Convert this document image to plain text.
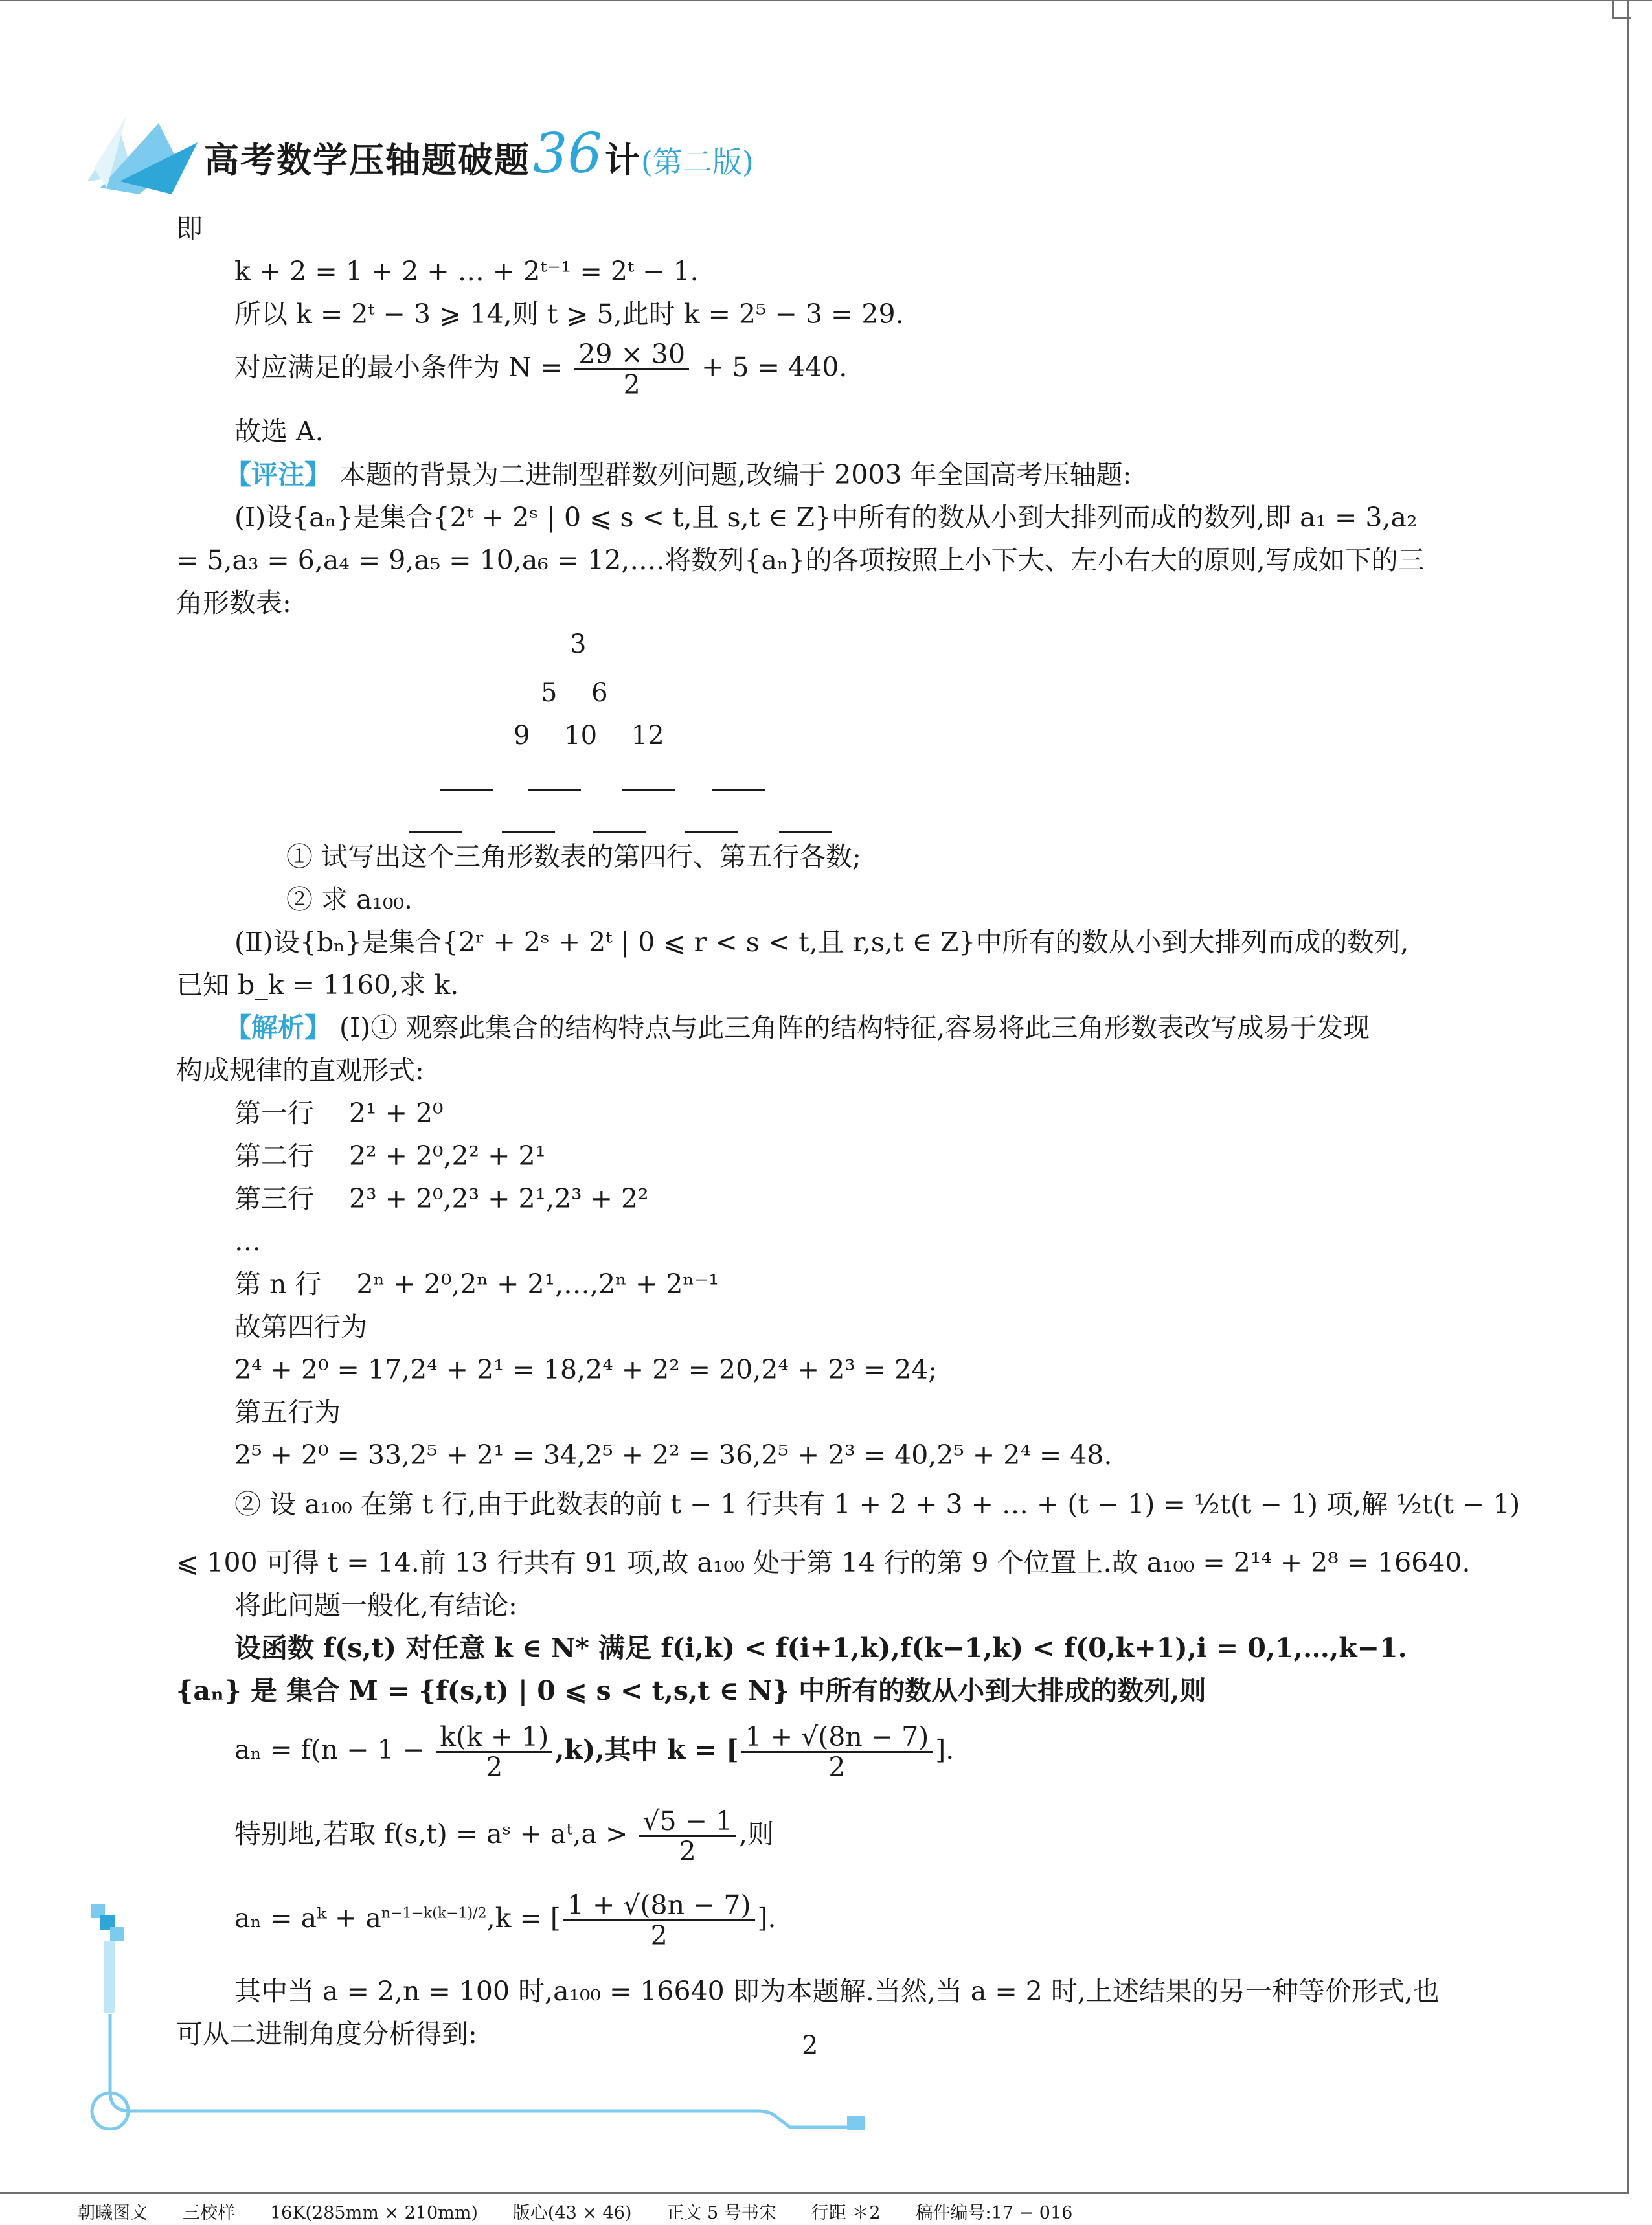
高考数学压轴题破题36计(第二版)
即
k + 2 = 1 + 2 + … + 2ᵗ⁻¹ = 2ᵗ − 1.
所以 k = 2ᵗ − 3 ⩾ 14,则 t ⩾ 5,此时 k = 2⁵ − 3 = 29.
对应满足的最小条件为 $N = \frac{29 \times 30}{2} + 5 = 440$.
故选 A.
【评注】 本题的背景为二进制型群数列问题,改编于 2003 年全国高考压轴题:
(Ⅰ)设{aₙ}是集合{2ᵗ + 2ˢ | 0 ⩽ s < t,且 s,t ∈ Z}中所有的数从小到大排列而成的数列,即 a₁ = 3,a₂
= 5,a₃ = 6,a₄ = 9,a₅ = 10,a₆ = 12,….将数列{aₙ}的各项按照上小下大、左小右大的原则,写成如下的三
角形数表:
3
5　 6
9　 10　 12
① 试写出这个三角形数表的第四行、第五行各数;
② 求 a₁₀₀.
(Ⅱ)设{bₙ}是集合{2ʳ + 2ˢ + 2ᵗ | 0 ⩽ r < s < t,且 r,s,t ∈ Z}中所有的数从小到大排列而成的数列,
已知 b_k = 1160,求 k.
【解析】 (Ⅰ)① 观察此集合的结构特点与此三角阵的结构特征,容易将此三角形数表改写成易于发现
构成规律的直观形式:
第一行　 2¹ + 2⁰
第二行　 2² + 2⁰,2² + 2¹
第三行　 2³ + 2⁰,2³ + 2¹,2³ + 2²
…
第 n 行　 2ⁿ + 2⁰,2ⁿ + 2¹,…,2ⁿ + 2ⁿ⁻¹
故第四行为
2⁴ + 2⁰ = 17,2⁴ + 2¹ = 18,2⁴ + 2² = 20,2⁴ + 2³ = 24;
第五行为
2⁵ + 2⁰ = 33,2⁵ + 2¹ = 34,2⁵ + 2² = 36,2⁵ + 2³ = 40,2⁵ + 2⁴ = 48.
② 设 a₁₀₀ 在第 t 行,由于此数表的前 t − 1 行共有 1 + 2 + 3 + … + (t − 1) = ½t(t − 1) 项,解 ½t(t − 1)
⩽ 100 可得 t = 14.前 13 行共有 91 项,故 a₁₀₀ 处于第 14 行的第 9 个位置上.故 a₁₀₀ = 2¹⁴ + 2⁸ = 16640.
将此问题一般化,有结论:
设函数 f(s,t) 对任意 k ∈ N* 满足 f(i,k) < f(i+1,k),f(k−1,k) < f(0,k+1),i = 0,1,…,k−1.
{aₙ} 是 集合 M = {f(s,t) | 0 ⩽ s < t,s,t ∈ N} 中所有的数从小到大排成的数列,则
$a_n = f(n - 1 - \frac{k(k + 1)}{2} ,k)$,其中 k = [ $\frac{1 + √(8n - 7)}{2}$ ].
特别地,若取 f(s,t) = aˢ + aᵗ,a > $\frac{√5 - 1}{2}$ ,则
aₙ = aᵏ + $a^{n-1-k(k-1)/2},k$ = [ $\frac{1 + √(8n - 7)}{2}$ ].
其中当 a = 2,n = 100 时,a₁₀₀ = 16640 即为本题解.当然,当 a = 2 时,上述结果的另一种等价形式,也
可从二进制角度分析得到:	2
朝曦图文　　三校样　　16K(285mm × 210mm)　　版心(43 × 46)　　正文 5 号书宋　　行距 ＊2　　稿件编号:17 − 016
